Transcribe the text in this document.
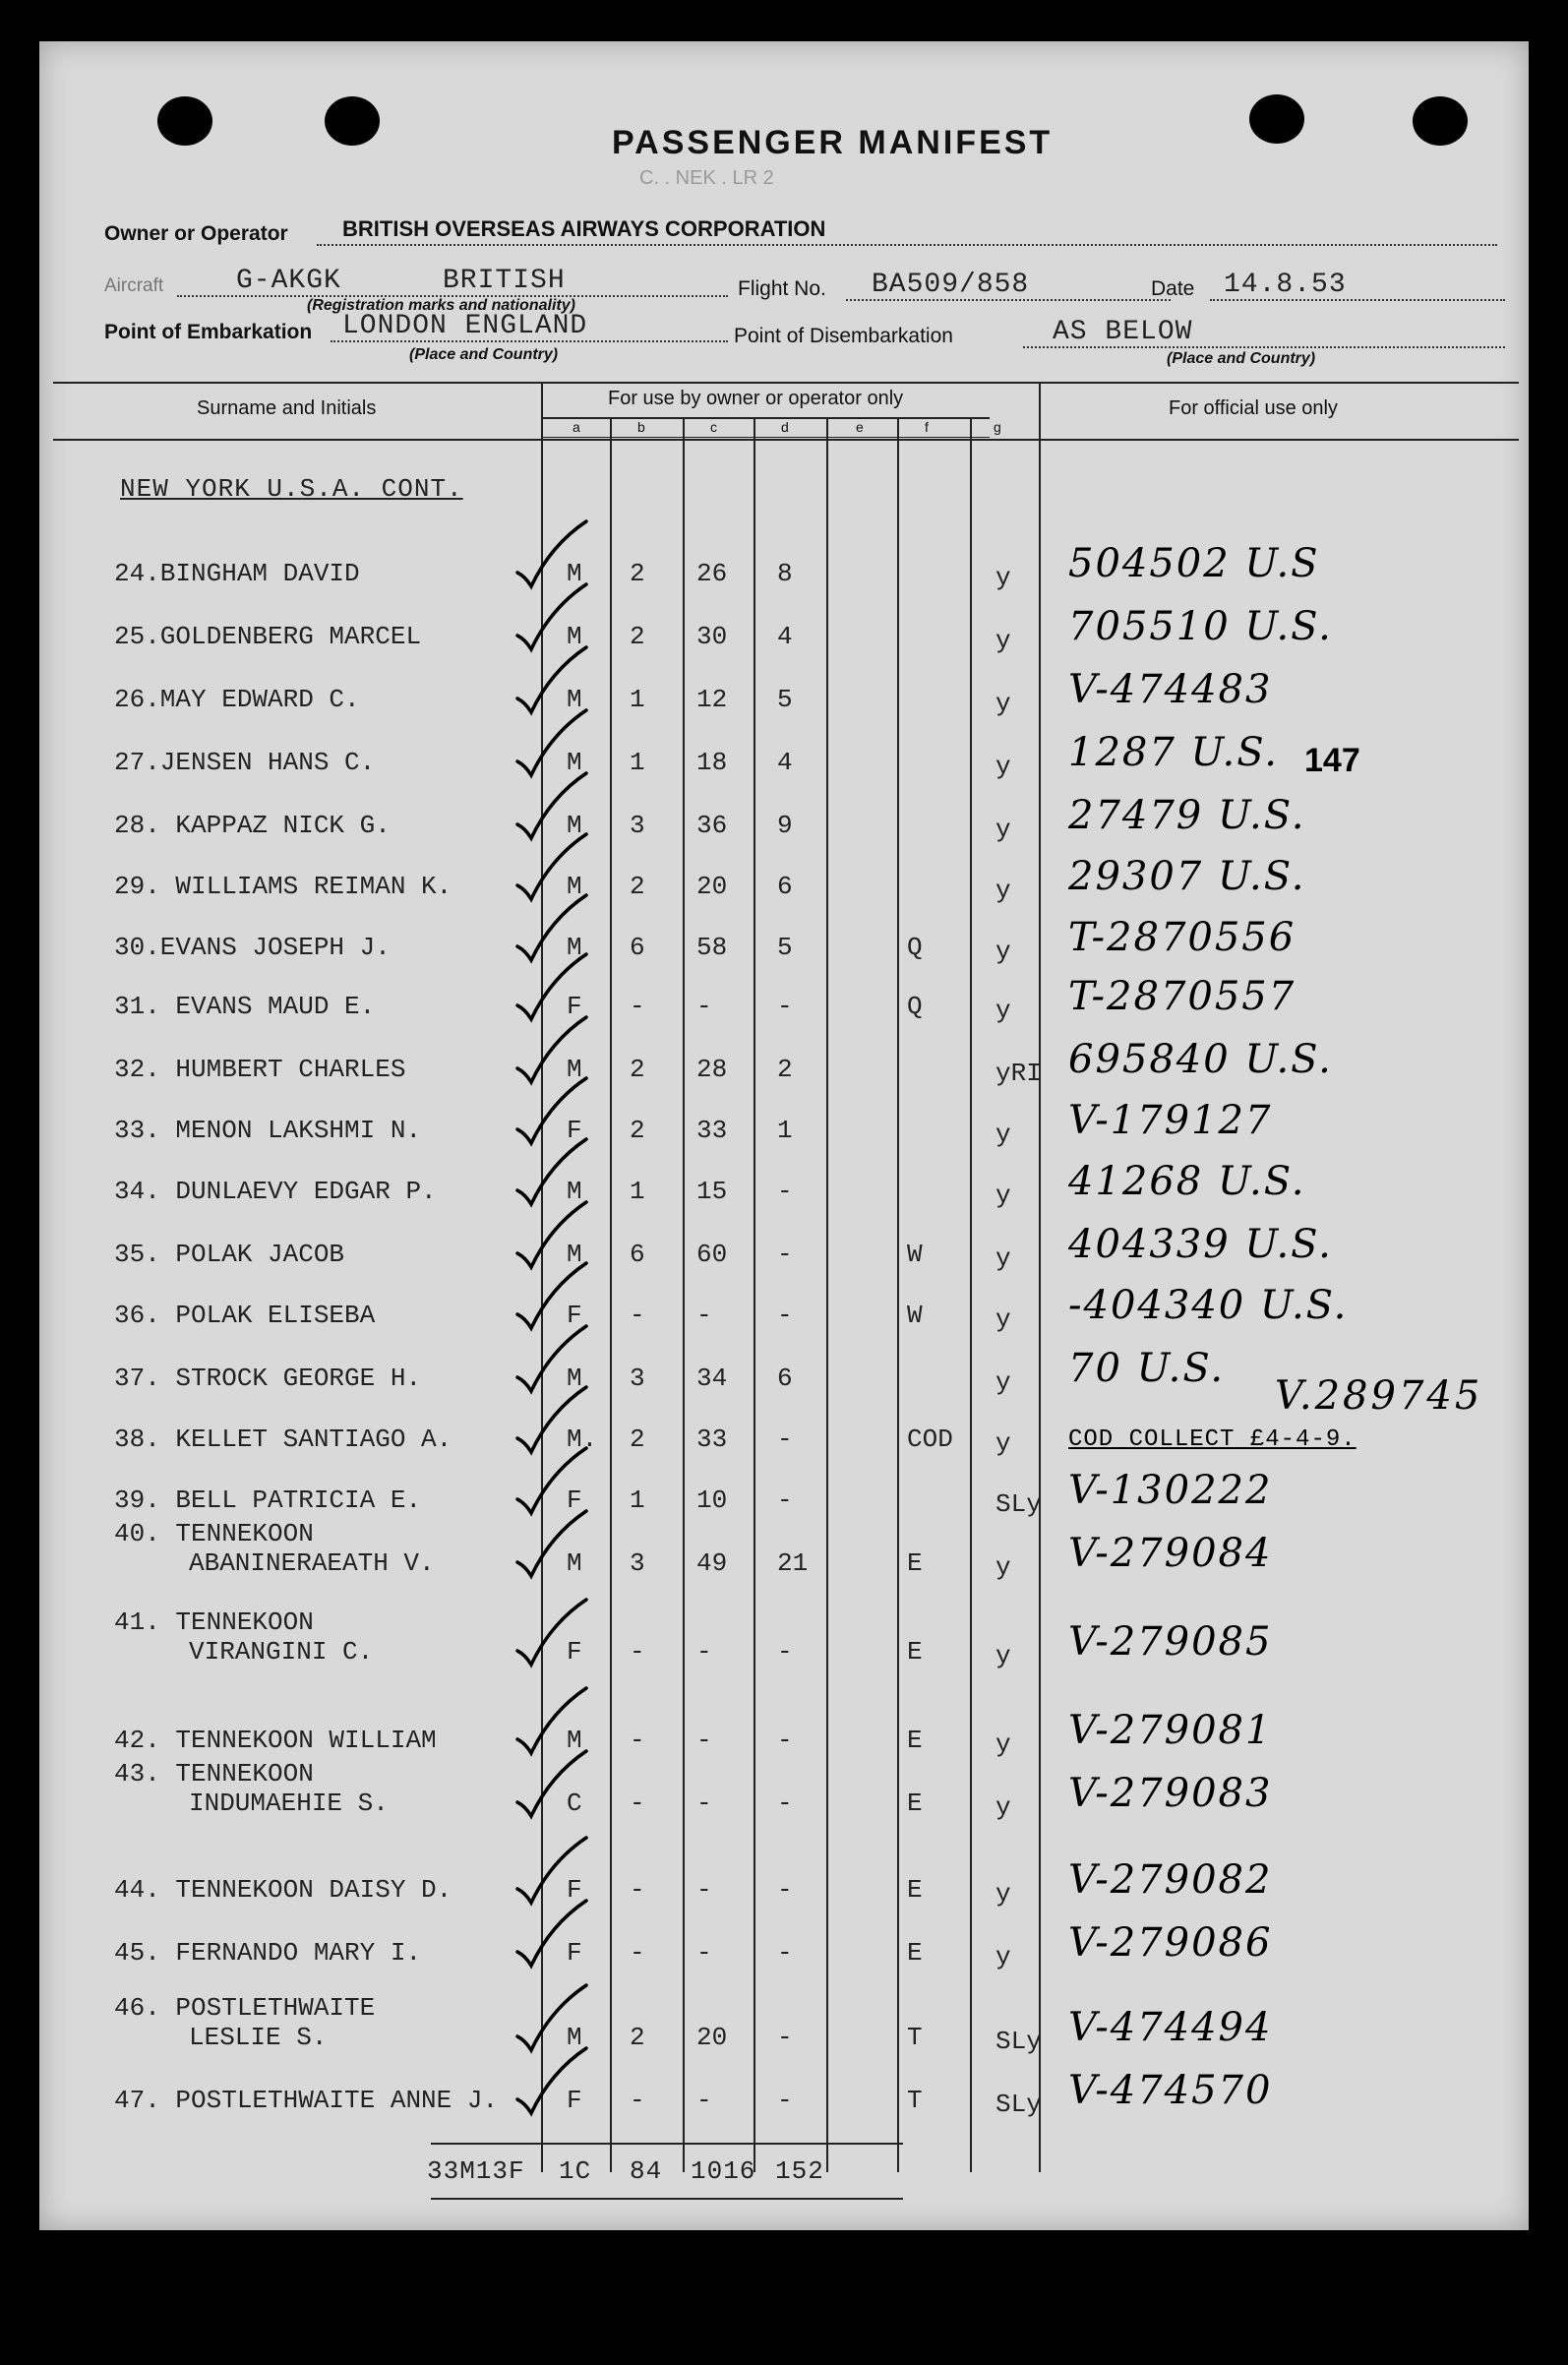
PASSENGER MANIFEST
C. . NEK . LR 2
Owner or Operator	BRITISH OVERSEAS AIRWAYS CORPORATION
Aircraft	G-AKGK	BRITISH
(Registration marks and nationality)
Flight No. BA509/858	Date 14.8.53
Point of Embarkation LONDON ENGLAND
(Place and Country)
Point of Disembarkation	AS BELOW
(Place and Country)
Surname and Initials	For use by owner or operator only	For official use only
a	b	c	d	e	f	g
NEW YORK U.S.A. CONT.
24.BINGHAM DAVID	M 2 26 8	y 504502 U.S
25.GOLDENBERG MARCEL	M 2 30 4	y 705510 U.S.
26.MAY EDWARD C.	M 1 12 5	y V-474483
27.JENSEN HANS C.	M 1 18 4	y 1287 U.S.
28. KAPPAZ NICK G.	M 3 36 9	y 27479 U.S.
29. WILLIAMS REIMAN K.	M 2 20 6	y 29307 U.S.
30.EVANS JOSEPH J.	M 6 58 5	Q	y T-2870556
31. EVANS MAUD E.	F - -	-	Q	y T-2870557
32. HUMBERT CHARLES	M 2 28 2	yRI 695840 U.S.
33. MENON LAKSHMI N.	F 2 33 1	y V-179127
34. DUNLAEVY EDGAR P.	M 1 15 -	y 41268 U.S.
35. POLAK JACOB	M 6 60 -	W	y 404339 U.S.
36. POLAK ELISEBA	F - -	-	W	y -404340 U.S.
37. STROCK GEORGE H.	M 3 34 6	y 70 U.S.
38. KELLET SANTIAGO A.	M. 2 33 -	COD y COD COLLECT £4-4-9.
39. BELL PATRICIA E.	F 1 10 -	SLy V-130222
40. TENNEKOON
ABANINERAEATH V.	M 3 49 21	E	y V-279084
41. TENNEKOON
VIRANGINI C.	F - -	-	E	y V-279085
42. TENNEKOON WILLIAM	M - -	-	E	y V-279081
43. TENNEKOON
INDUMAEHIE S.	C - -	-	E	y V-279083
44. TENNEKOON DAISY D.	F - -	-	E	y V-279082
45. FERNANDO MARY I.	F - -	-	E	y V-279086
46. POSTLETHWAITE
LESLIE S.	M 2 20 -	T	SLy V-474494
47. POSTLETHWAITE ANNE J.	F - -	-	T	SLy V-474570
147
V.289745
33M13F 1C 84 1016 152
